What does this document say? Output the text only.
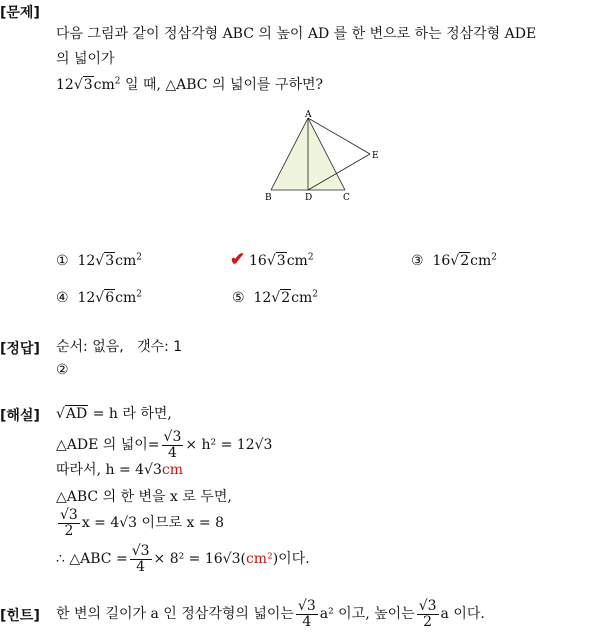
[문제]
[정답]
[해설]
[힌트]
다음 그림과 같이 정삼각형 ABC 의 높이 AD 를 한 변으로 하는 정삼각형 ADE
의 넓이가
$12√3cm^2$ 일 때, △ABC 의 넓이를 구하면?
A
B	D	C
E
① $12√3cm^2$	✔ $16√3cm^2$	③ $16√2cm^2$
④ $12√6cm^2$	⑤ $12√2cm^2$
순서: 없음, 갯수: 1
②
√AD = h 라 하면,
△ADE 의 넓이= $\frac{√3}{4} \times h^2 = 12√3$
따라서, h = 4√3cm
△ABC 의 한 변을 x 로 두면,
$\frac{√3}{2}$ x = 4√3 이므로 x = 8
∴ △ABC = $\frac{√3}{4} \times 8^2 = 16√3(cm^2)$이다.
한 변의 길이가 a 인 정삼각형의 넓이는 $\frac{√3}{4} a^2$ 이고, 높이는 $\frac{√3}{2}$ a 이다.
